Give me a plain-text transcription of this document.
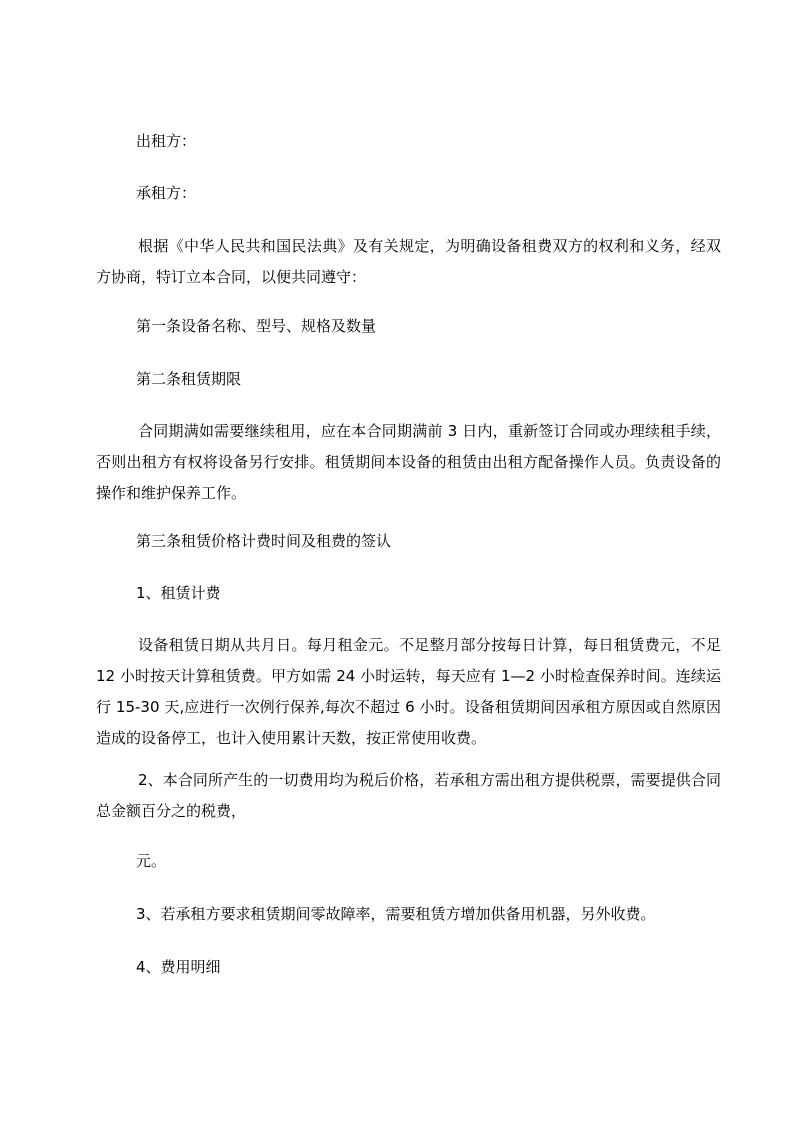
出租方：

承租方：

根据《中华人民共和国民法典》及有关规定，为明确设备租费双方的权利和义务，经双方协商，特订立本合同，以便共同遵守：

第一条设备名称、型号、规格及数量

第二条租赁期限

合同期满如需要继续租用，应在本合同期满前 3 日内，重新签订合同或办理续租手续，否则出租方有权将设备另行安排。租赁期间本设备的租赁由出租方配备操作人员。负责设备的操作和维护保养工作。

第三条租赁价格计费时间及租费的签认

1、租赁计费

设备租赁日期从共月日。每月租金元。不足整月部分按每日计算，每日租赁费元，不足 12 小时按天计算租赁费。甲方如需 24 小时运转，每天应有 1—2 小时检查保养时间。连续运行 15-30 天,应进行一次例行保养,每次不超过 6 小时。设备租赁期间因承租方原因或自然原因造成的设备停工，也计入使用累计天数，按正常使用收费。

2、本合同所产生的一切费用均为税后价格，若承租方需出租方提供税票，需要提供合同总金额百分之的税费，

元。

3、若承租方要求租赁期间零故障率，需要租赁方增加供备用机器，另外收费。

4、费用明细
